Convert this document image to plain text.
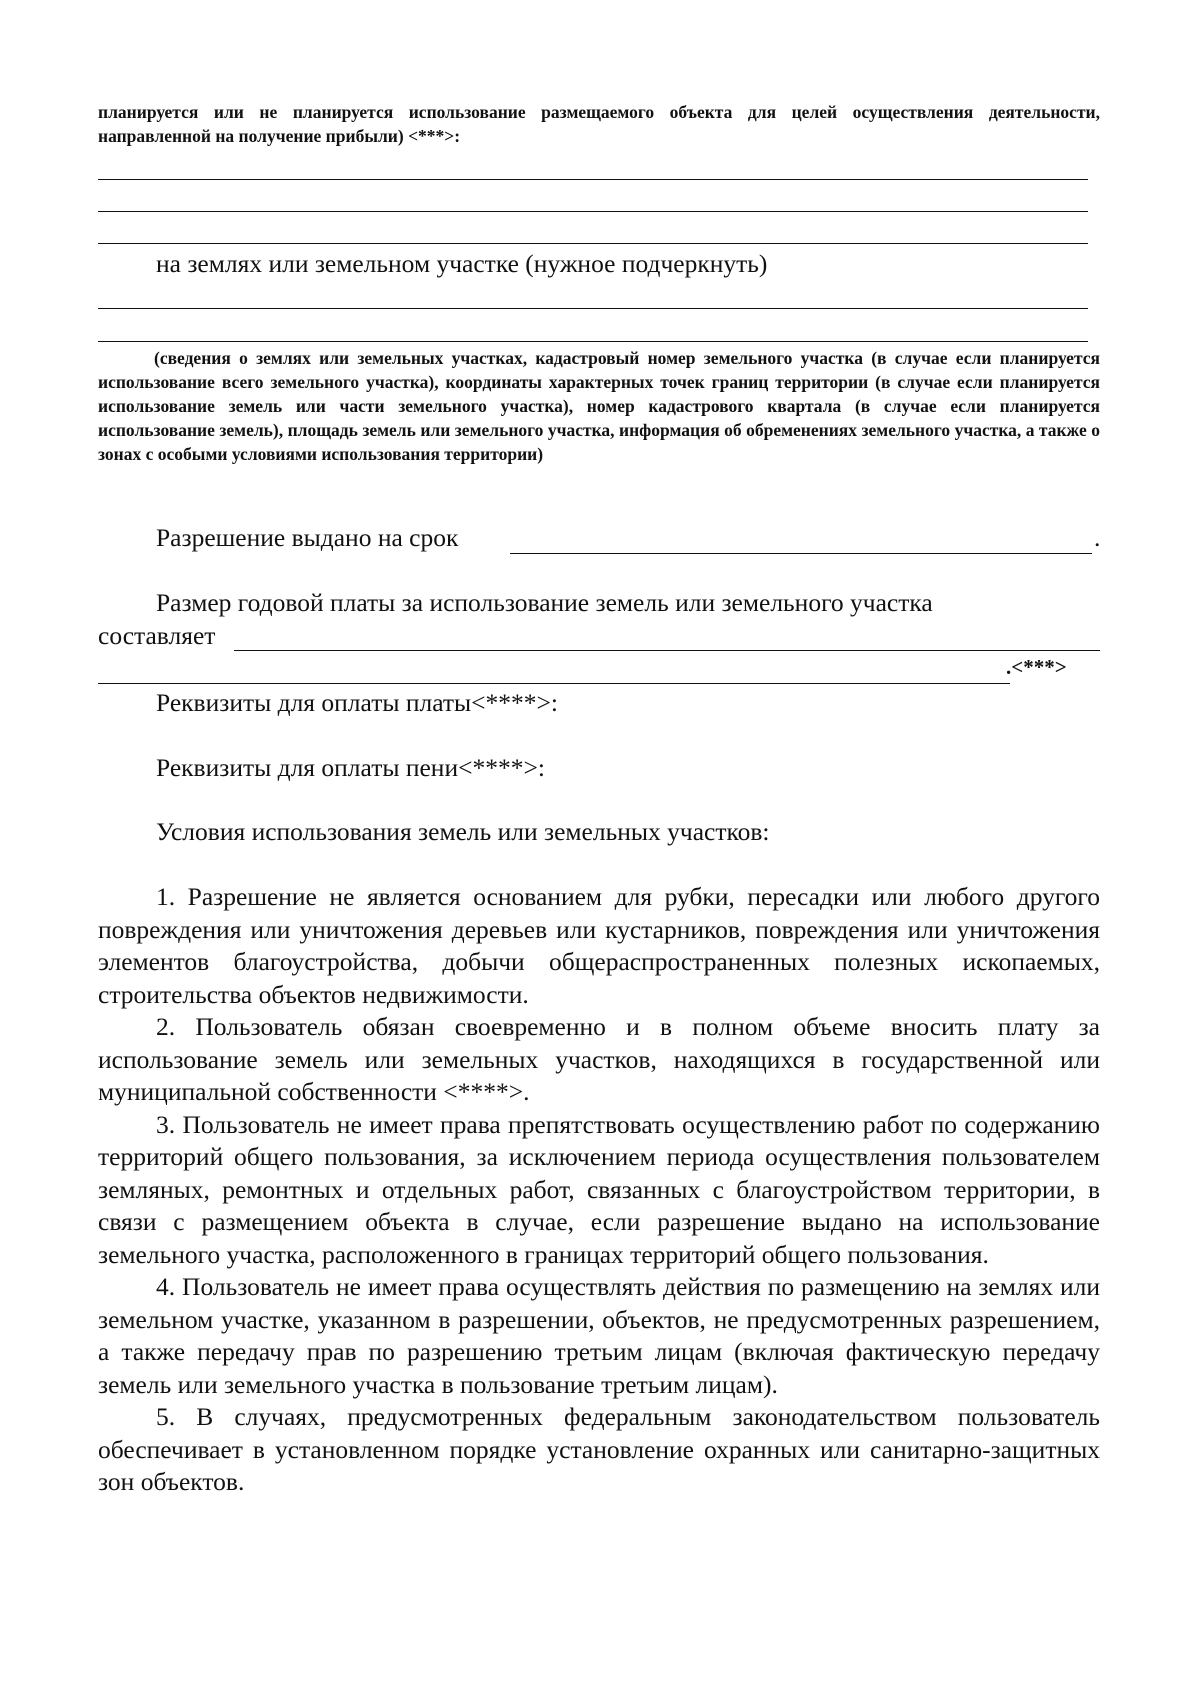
планируется или не планируется использование размещаемого объекта для целей осуществления деятельности, направленной на получение прибыли) <***>:

на землях или земельном участке (нужное подчеркнуть)

(сведения о землях или земельных участках, кадастровый номер земельного участка (в случае если планируется использование всего земельного участка), координаты характерных точек границ территории (в случае если планируется использование земель или части земельного участка), номер кадастрового квартала (в случае если планируется использование земель), площадь земель или земельного участка, информация об обременениях земельного участка, а также о зонах с особыми условиями использования территории)

Разрешение выдано на срок	.

Размер годовой платы за использование земель или земельного участка

составляет
.<***>

Реквизиты для оплаты платы<****>:

Реквизиты для оплаты пени<****>:

Условия использования земель или земельных участков:

1. Разрешение не является основанием для рубки, пересадки или любого другого повреждения или уничтожения деревьев или кустарников, повреждения или уничтожения элементов благоустройства, добычи общераспространенных полезных ископаемых, строительства объектов недвижимости.

2. Пользователь обязан своевременно и в полном объеме вносить плату за использование земель или земельных участков, находящихся в государственной или муниципальной собственности <****>.

3. Пользователь не имеет права препятствовать осуществлению работ по содержанию территорий общего пользования, за исключением периода осуществления пользователем земляных, ремонтных и отдельных работ, связанных с благоустройством территории, в связи с размещением объекта в случае, если разрешение выдано на использование земельного участка, расположенного в границах территорий общего пользования.

4. Пользователь не имеет права осуществлять действия по размещению на землях или земельном участке, указанном в разрешении, объектов, не предусмотренных разрешением, а также передачу прав по разрешению третьим лицам (включая фактическую передачу земель или земельного участка в пользование третьим лицам).

5. В случаях, предусмотренных федеральным законодательством пользователь обеспечивает в установленном порядке установление охранных или санитарно-защитных зон объектов.
